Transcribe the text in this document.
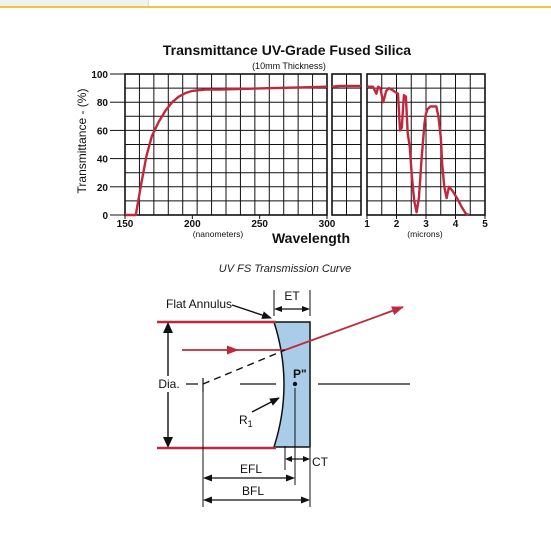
Transmittance UV-Grade Fused Silica
(10mm Thickness)
Transmittance - (%)
Wavelength
150	200	250	300
(nanometers)
1 2 3 4 5
(microns)
0
20
40
60
80
100
UV FS Transmission Curve
P"
Dia.
Flat Annulus
ET
$R_1$
CT
EFL
BFL
